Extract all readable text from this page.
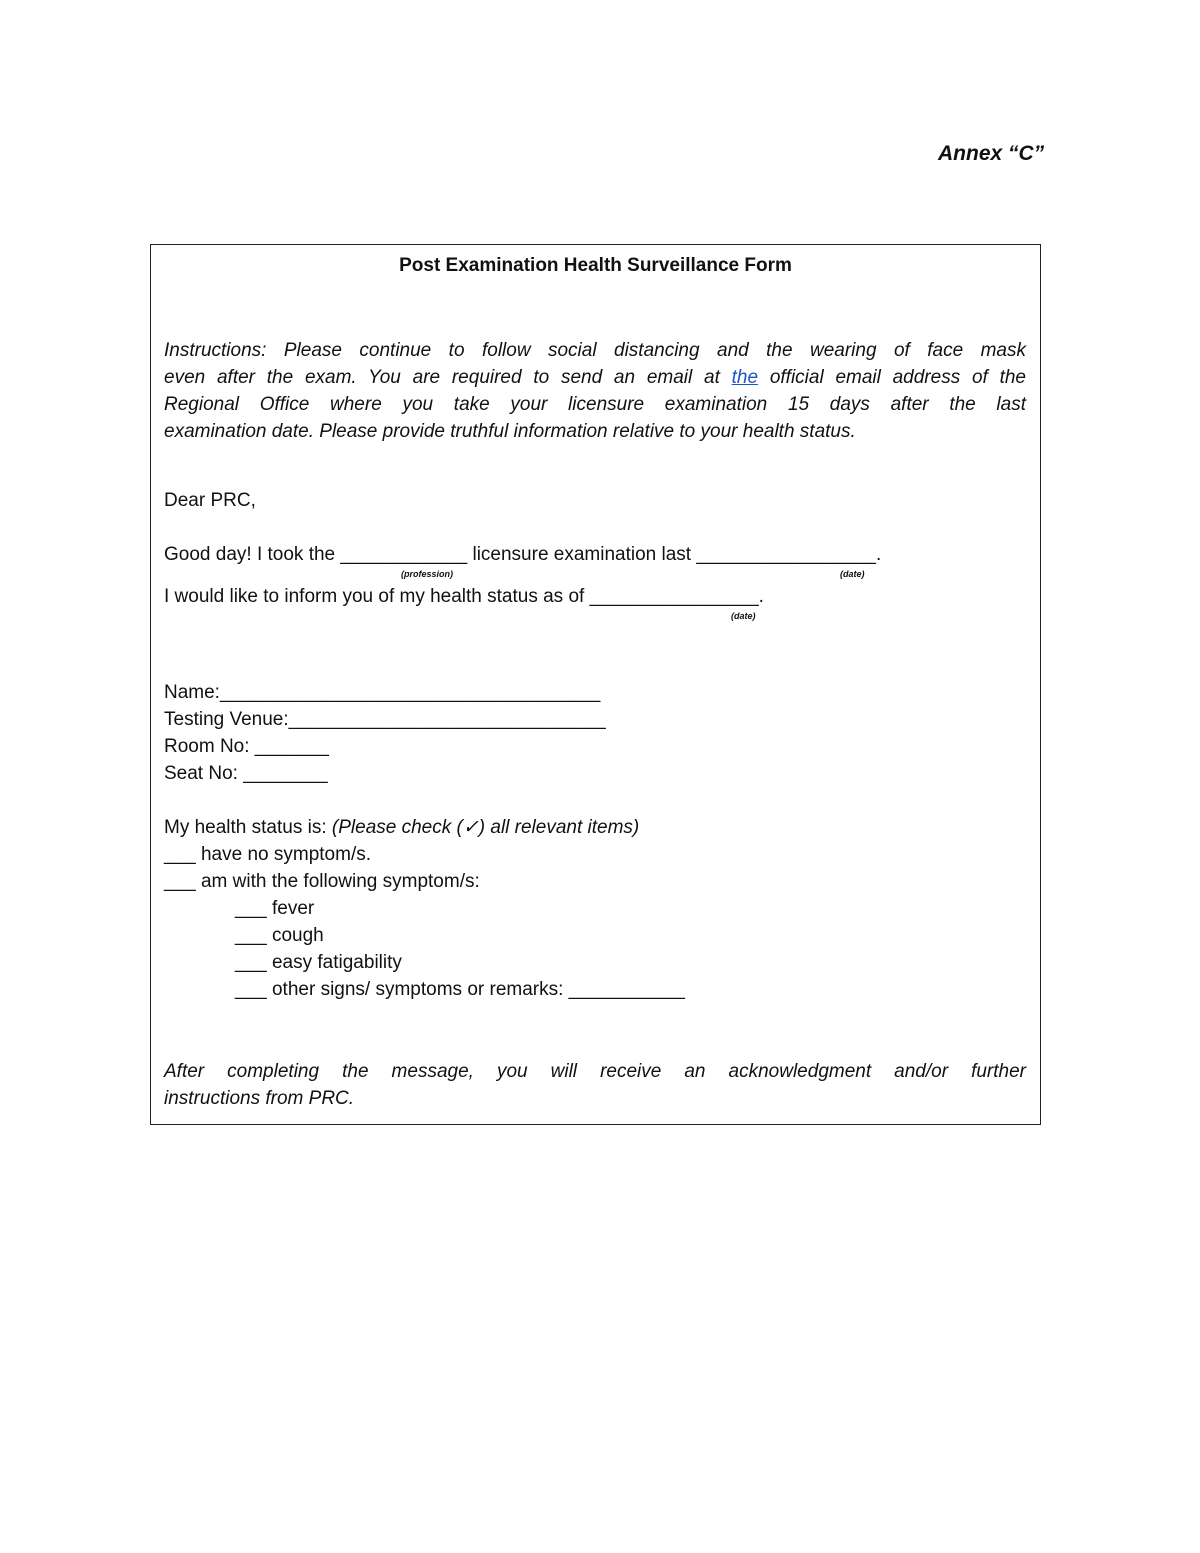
Annex “C”
Post Examination Health Surveillance Form
Instructions: Please continue to follow social distancing and the wearing of face mask
even after the exam. You are required to send an email at the official email address of the
Regional Office where you take your licensure examination 15 days after the last
examination date. Please provide truthful information relative to your health status.
Dear PRC,
Good day! I took the ____________ licensure examination last _________________.
(profession)	(date)
I would like to inform you of my health status as of ________________.
(date)
Name:____________________________________
Testing Venue:______________________________
Room No: _______
Seat No: ________
My health status is: (Please check (✓) all relevant items)
___ have no symptom/s.
___ am with the following symptom/s:
___ fever
___ cough
___ easy fatigability
___ other signs/ symptoms or remarks: ___________
After completing the message, you will receive an acknowledgment and/or further
instructions from PRC.
